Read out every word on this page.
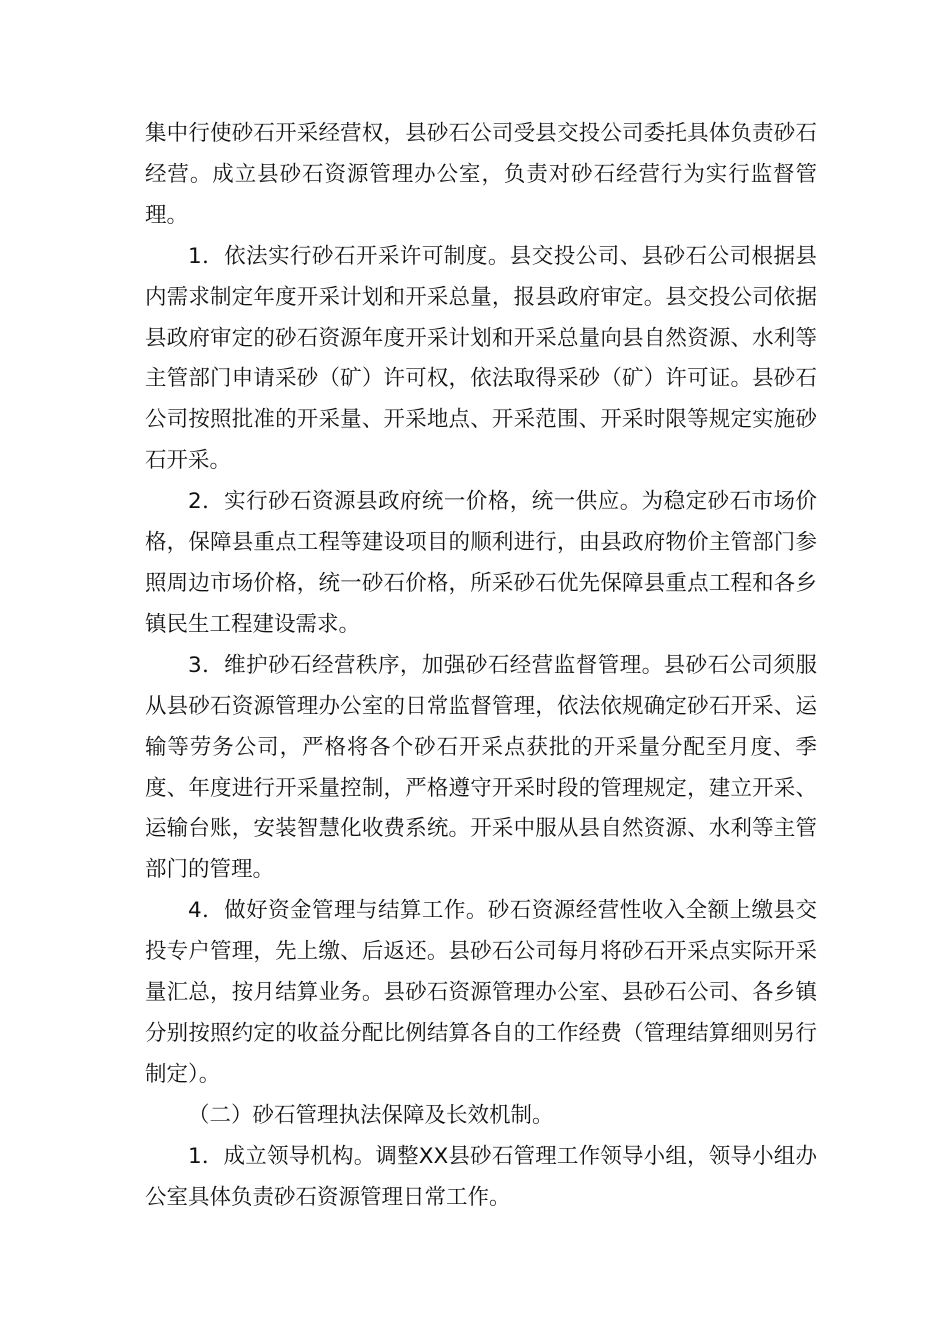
集中行使砂石开采经营权，县砂石公司受县交投公司委托具体负责砂石经营。成立县砂石资源管理办公室，负责对砂石经营行为实行监督管理。

1．依法实行砂石开采许可制度。县交投公司、县砂石公司根据县内需求制定年度开采计划和开采总量，报县政府审定。县交投公司依据县政府审定的砂石资源年度开采计划和开采总量向县自然资源、水利等主管部门申请采砂（矿）许可权，依法取得采砂（矿）许可证。县砂石公司按照批准的开采量、开采地点、开采范围、开采时限等规定实施砂石开采。

2．实行砂石资源县政府统一价格，统一供应。为稳定砂石市场价格，保障县重点工程等建设项目的顺利进行，由县政府物价主管部门参照周边市场价格，统一砂石价格，所采砂石优先保障县重点工程和各乡镇民生工程建设需求。

3．维护砂石经营秩序，加强砂石经营监督管理。县砂石公司须服从县砂石资源管理办公室的日常监督管理，依法依规确定砂石开采、运输等劳务公司，严格将各个砂石开采点获批的开采量分配至月度、季度、年度进行开采量控制，严格遵守开采时段的管理规定，建立开采、运输台账，安装智慧化收费系统。开采中服从县自然资源、水利等主管部门的管理。

4．做好资金管理与结算工作。砂石资源经营性收入全额上缴县交投专户管理，先上缴、后返还。县砂石公司每月将砂石开采点实际开采量汇总，按月结算业务。县砂石资源管理办公室、县砂石公司、各乡镇分别按照约定的收益分配比例结算各自的工作经费（管理结算细则另行制定）。

（二）砂石管理执法保障及长效机制。

1．成立领导机构。调整XX县砂石管理工作领导小组，领导小组办公室具体负责砂石资源管理日常工作。
